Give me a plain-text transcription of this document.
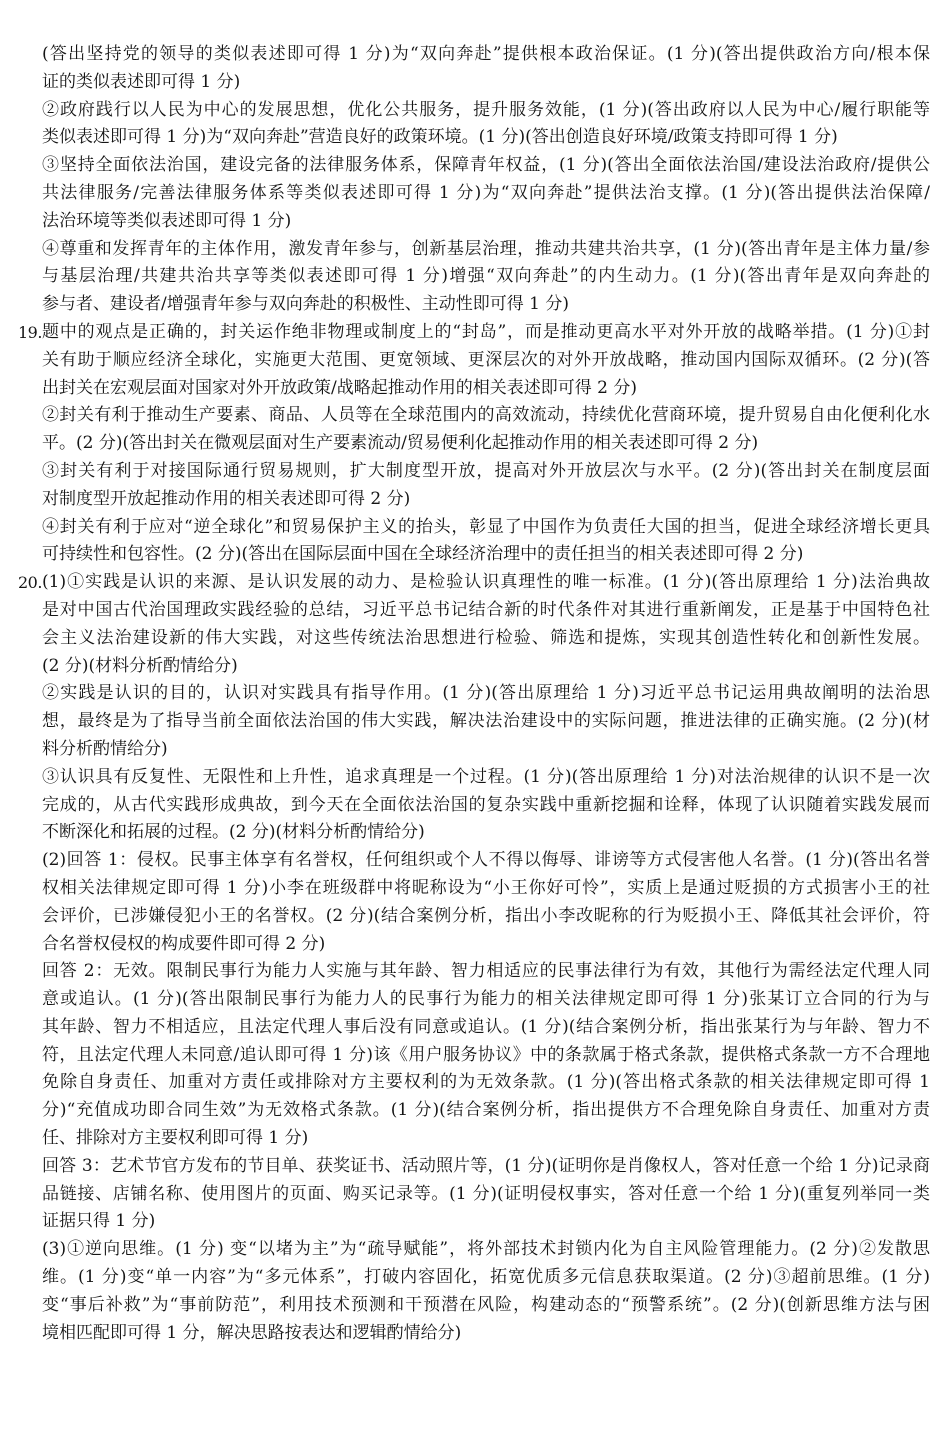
(答出坚持党的领导的类似表述即可得 1 分)为“双向奔赴”提供根本政治保证。(1 分)(答出提供政治方向/根本保
证的类似表述即可得 1 分)
②政府践行以人民为中心的发展思想，优化公共服务，提升服务效能，(1 分)(答出政府以人民为中心/履行职能等
类似表述即可得 1 分)为“双向奔赴”营造良好的政策环境。(1 分)(答出创造良好环境/政策支持即可得 1 分)
③坚持全面依法治国，建设完备的法律服务体系，保障青年权益，(1 分)(答出全面依法治国/建设法治政府/提供公
共法律服务/完善法律服务体系等类似表述即可得 1 分)为“双向奔赴”提供法治支撑。(1 分)(答出提供法治保障/
法治环境等类似表述即可得 1 分)
④尊重和发挥青年的主体作用，激发青年参与，创新基层治理，推动共建共治共享，(1 分)(答出青年是主体力量/参
与基层治理/共建共治共享等类似表述即可得 1 分)增强“双向奔赴”的内生动力。(1 分)(答出青年是双向奔赴的
参与者、建设者/增强青年参与双向奔赴的积极性、主动性即可得 1 分)
19. 题中的观点是正确的，封关运作绝非物理或制度上的“封岛”，而是推动更高水平对外开放的战略举措。(1 分)①封
关有助于顺应经济全球化，实施更大范围、更宽领域、更深层次的对外开放战略，推动国内国际双循环。(2 分)(答
出封关在宏观层面对国家对外开放政策/战略起推动作用的相关表述即可得 2 分)
②封关有利于推动生产要素、商品、人员等在全球范围内的高效流动，持续优化营商环境，提升贸易自由化便利化水
平。(2 分)(答出封关在微观层面对生产要素流动/贸易便利化起推动作用的相关表述即可得 2 分)
③封关有利于对接国际通行贸易规则，扩大制度型开放，提高对外开放层次与水平。(2 分)(答出封关在制度层面
对制度型开放起推动作用的相关表述即可得 2 分)
④封关有利于应对“逆全球化”和贸易保护主义的抬头，彰显了中国作为负责任大国的担当，促进全球经济增长更具
可持续性和包容性。(2 分)(答出在国际层面中国在全球经济治理中的责任担当的相关表述即可得 2 分)
20. (1)①实践是认识的来源、是认识发展的动力、是检验认识真理性的唯一标准。(1 分)(答出原理给 1 分)法治典故
是对中国古代治国理政实践经验的总结，习近平总书记结合新的时代条件对其进行重新阐发，正是基于中国特色社
会主义法治建设新的伟大实践，对这些传统法治思想进行检验、筛选和提炼，实现其创造性转化和创新性发展。
(2 分)(材料分析酌情给分)
②实践是认识的目的，认识对实践具有指导作用。(1 分)(答出原理给 1 分)习近平总书记运用典故阐明的法治思
想，最终是为了指导当前全面依法治国的伟大实践，解决法治建设中的实际问题，推进法律的正确实施。(2 分)(材
料分析酌情给分)
③认识具有反复性、无限性和上升性，追求真理是一个过程。(1 分)(答出原理给 1 分)对法治规律的认识不是一次
完成的，从古代实践形成典故，到今天在全面依法治国的复杂实践中重新挖掘和诠释，体现了认识随着实践发展而
不断深化和拓展的过程。(2 分)(材料分析酌情给分)
(2)回答 1：侵权。民事主体享有名誉权，任何组织或个人不得以侮辱、诽谤等方式侵害他人名誉。(1 分)(答出名誉
权相关法律规定即可得 1 分)小李在班级群中将昵称设为“小王你好可怜”，实质上是通过贬损的方式损害小王的社
会评价，已涉嫌侵犯小王的名誉权。(2 分)(结合案例分析，指出小李改昵称的行为贬损小王、降低其社会评价，符
合名誉权侵权的构成要件即可得 2 分)
回答 2：无效。限制民事行为能力人实施与其年龄、智力相适应的民事法律行为有效，其他行为需经法定代理人同
意或追认。(1 分)(答出限制民事行为能力人的民事行为能力的相关法律规定即可得 1 分)张某订立合同的行为与
其年龄、智力不相适应，且法定代理人事后没有同意或追认。(1 分)(结合案例分析，指出张某行为与年龄、智力不
符，且法定代理人未同意/追认即可得 1 分)该《用户服务协议》中的条款属于格式条款，提供格式条款一方不合理地
免除自身责任、加重对方责任或排除对方主要权利的为无效条款。(1 分)(答出格式条款的相关法律规定即可得 1
分)“充值成功即合同生效”为无效格式条款。(1 分)(结合案例分析，指出提供方不合理免除自身责任、加重对方责
任、排除对方主要权利即可得 1 分)
回答 3：艺术节官方发布的节目单、获奖证书、活动照片等，(1 分)(证明你是肖像权人，答对任意一个给 1 分)记录商
品链接、店铺名称、使用图片的页面、购买记录等。(1 分)(证明侵权事实，答对任意一个给 1 分)(重复列举同一类
证据只得 1 分)
(3)①逆向思维。(1 分) 变“以堵为主”为“疏导赋能”，将外部技术封锁内化为自主风险管理能力。(2 分)②发散思
维。(1 分)变“单一内容”为“多元体系”，打破内容固化，拓宽优质多元信息获取渠道。(2 分)③超前思维。(1 分)
变“事后补救”为“事前防范”，利用技术预测和干预潜在风险，构建动态的“预警系统”。(2 分)(创新思维方法与困
境相匹配即可得 1 分，解决思路按表达和逻辑酌情给分)
